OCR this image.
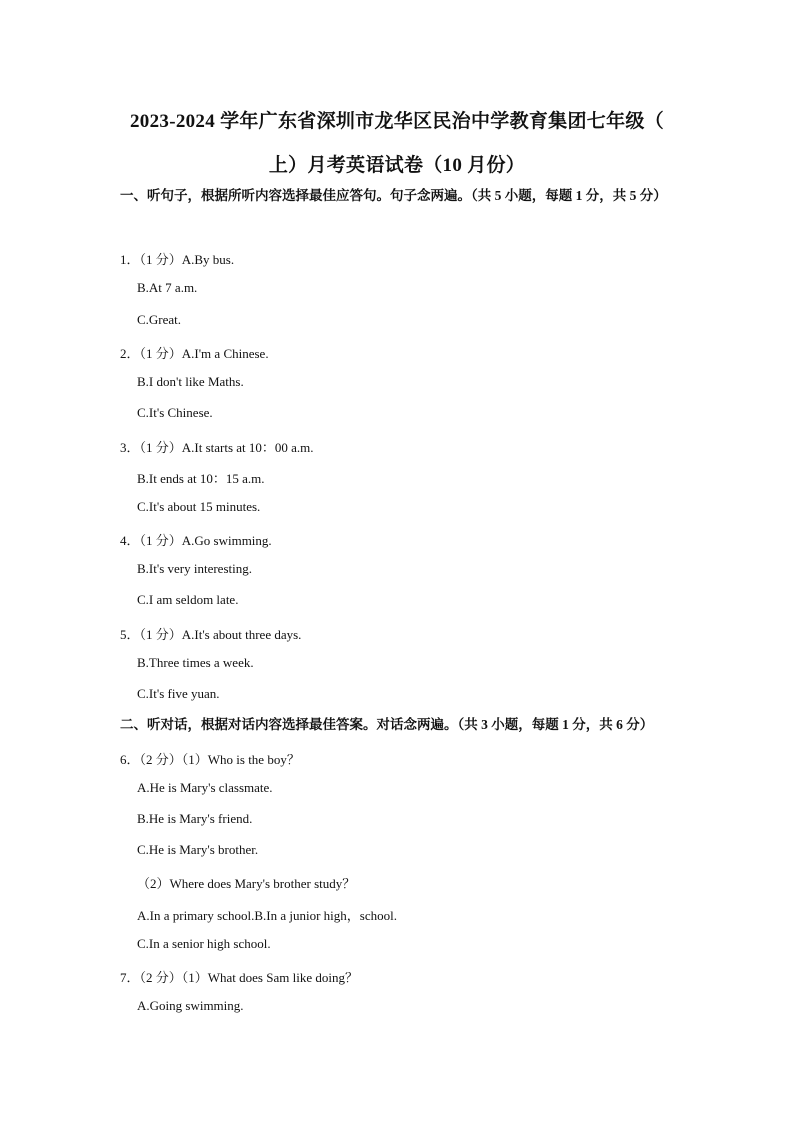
2023-2024 学年广东省深圳市龙华区民治中学教育集团七年级（
上）月考英语试卷（10 月份）
一、听句子，根据所听内容选择最佳应答句。句子念两遍。（共 5 小题，每题 1 分，共 5 分）
1．（1 分）A.By bus.
B.At 7 a.m.
C.Great.
2．（1 分）A.I'm a Chinese.
B.I don't like Maths.
C.It's Chinese.
3．（1 分）A.It starts at 10：00 a.m.
B.It ends at 10：15 a.m.
C.It's about 15 minutes.
4．（1 分）A.Go swimming.
B.It's very interesting.
C.I am seldom late.
5．（1 分）A.It's about three days.
B.Three times a week.
C.It's five yuan.
二、听对话，根据对话内容选择最佳答案。对话念两遍。（共 3 小题，每题 1 分，共 6 分）
6．（2 分）（1）Who is the boy？
A.He is Mary's classmate.
B.He is Mary's friend.
C.He is Mary's brother.
（2）Where does Mary's brother study？
A.In a primary school.B.In a junior high，school.
C.In a senior high school.
7．（2 分）（1）What does Sam like doing？
A.Going swimming.
